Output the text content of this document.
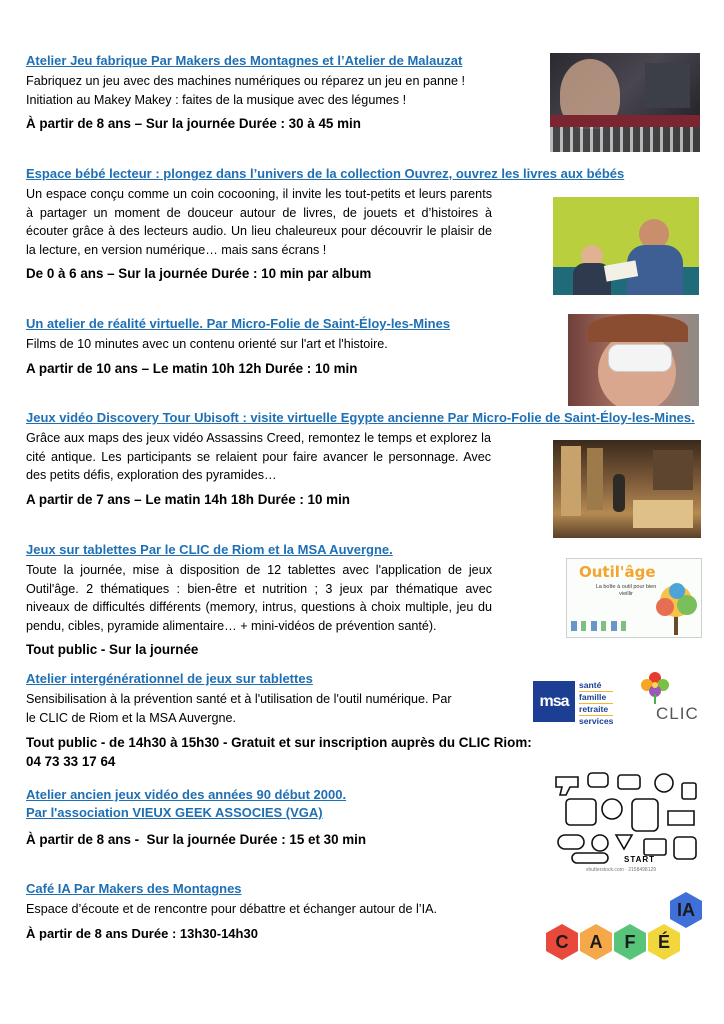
Atelier Jeu fabrique Par Makers des Montagnes et l’Atelier de Malauzat
Fabriquez un jeu avec des machines numériques ou réparez un jeu en panne !
Initiation au Makey Makey : faites de la musique avec des légumes !
À partir de 8 ans – Sur la journée Durée : 30 à 45 min
Espace bébé lecteur : plongez dans l’univers de la collection Ouvrez, ouvrez les livres aux bébés
Un espace conçu comme un coin cocooning, il invite les tout-petits et leurs parents à partager un moment de douceur autour de livres, de jouets et d’histoires à écouter grâce à des lecteurs audio. Un lieu chaleureux pour découvrir le plaisir de la lecture, en version numérique… mais sans écrans !
De 0 à 6 ans – Sur la journée Durée : 10 min par album
Un atelier de réalité virtuelle. Par Micro-Folie de Saint-Éloy-les-Mines
Films de 10 minutes avec un contenu orienté sur l'art et l'histoire.
A partir de 10 ans – Le matin 10h 12h Durée : 10 min
Jeux vidéo Discovery Tour Ubisoft : visite virtuelle Egypte ancienne Par Micro-Folie de Saint-Éloy-les-Mines.
Grâce aux maps des jeux vidéo Assassins Creed, remontez le temps et explorez la cité antique. Les participants se relaient pour faire avancer le personnage. Avec des petits défis, exploration des pyramides…
A partir de 7 ans – Le matin 14h 18h Durée : 10 min
Jeux sur tablettes Par le CLIC de Riom et la MSA Auvergne.
Toute la journée, mise à disposition de 12 tablettes avec l'application de jeux Outil'âge. 2 thématiques : bien-être et nutrition ; 3 jeux par thématique avec niveaux de difficultés différents (memory, intrus, questions à choix multiple, jeu du pendu, cibles, pyramide alimentaire… + mini-vidéos de prévention santé).
Tout public - Sur la journée
Outil'âge
La boîte à outil pour bien vieillir
Atelier intergénérationnel de jeux sur tablettes
Sensibilisation à la prévention santé et à l'utilisation de l'outil numérique. Par
le CLIC de Riom et la MSA Auvergne.
Tout public - de 14h30 à 15h30 - Gratuit et sur inscription auprès du CLIC Riom:
04 73 33 17 64
msa
santé
famille
retraite
services	CLIC
Atelier ancien jeux vidéo des années 90 début 2000.
Par l'association VIEUX GEEK ASSOCIES (VGA)
À partir de 8 ans -  Sur la journée Durée : 15 et 30 min
START
shutterstock.com · 2158498129
Café IA Par Makers des Montagnes
Espace d’écoute et de rencontre pour débattre et échanger autour de l’IA.
À partir de 8 ans Durée : 13h30-14h30	C A F É
IA
